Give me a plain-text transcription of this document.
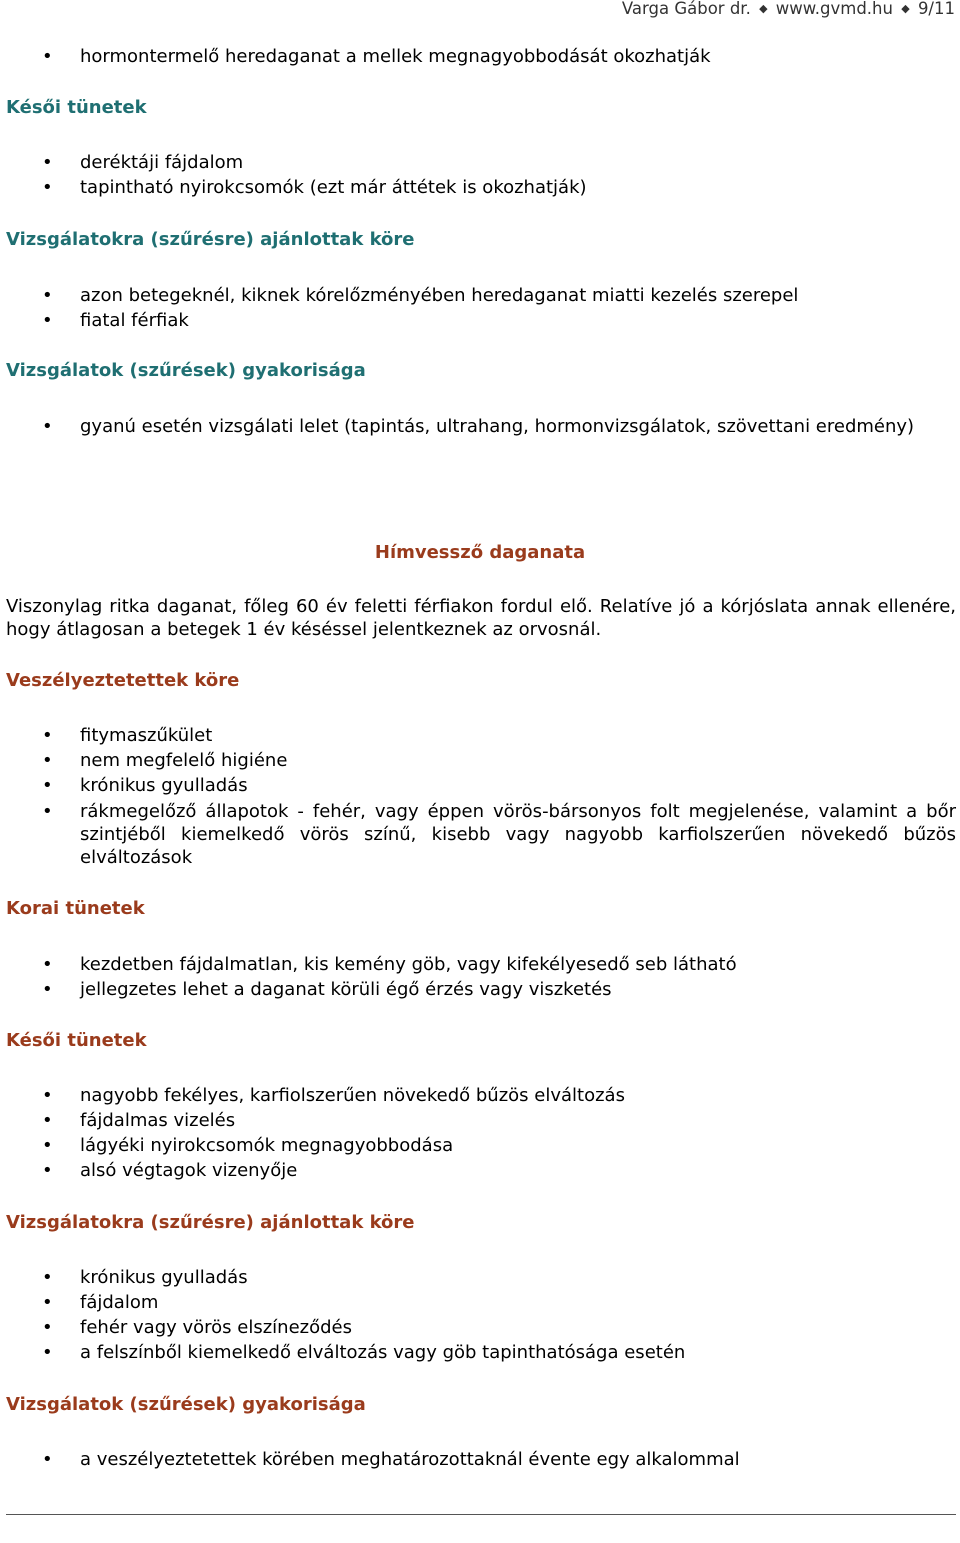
Varga Gábor dr. ◆ www.gvmd.hu ◆ 9/11
• hormontermelő heredaganat a mellek megnagyobbodását okozhatják
Késői tünetek
• deréktáji fájdalom
• tapintható nyirokcsomók (ezt már áttétek is okozhatják)
Vizsgálatokra (szűrésre) ajánlottak köre
• azon betegeknél, kiknek kórelőzményében heredaganat miatti kezelés szerepel
• fiatal férfiak
Vizsgálatok (szűrések) gyakorisága
• gyanú esetén vizsgálati lelet (tapintás, ultrahang, hormonvizsgálatok, szövettani eredmény)
Hímvessző daganata
Viszonylag ritka daganat, főleg 60 év feletti férfiakon fordul elő. Relatíve jó a kórjóslata annak ellenére, hogy átlagosan a betegek 1 év késéssel jelentkeznek az orvosnál.
Veszélyeztetettek köre
• fitymaszűkület
• nem megfelelő higiéne
• krónikus gyulladás
• rákmegelőző állapotok - fehér, vagy éppen vörös-bársonyos folt megjelenése, valamint a bőr szintjéből kiemelkedő vörös színű, kisebb vagy nagyobb karfiolszerűen növekedő bűzös elváltozások
Korai tünetek
• kezdetben fájdalmatlan, kis kemény göb, vagy kifekélyesedő seb látható
• jellegzetes lehet a daganat körüli égő érzés vagy viszketés
Késői tünetek
• nagyobb fekélyes, karfiolszerűen növekedő bűzös elváltozás
• fájdalmas vizelés
• lágyéki nyirokcsomók megnagyobbodása
• alsó végtagok vizenyője
Vizsgálatokra (szűrésre) ajánlottak köre
• krónikus gyulladás
• fájdalom
• fehér vagy vörös elszíneződés
• a felszínből kiemelkedő elváltozás vagy göb tapinthatósága esetén
Vizsgálatok (szűrések) gyakorisága
• a veszélyeztetettek körében meghatározottaknál évente egy alkalommal
